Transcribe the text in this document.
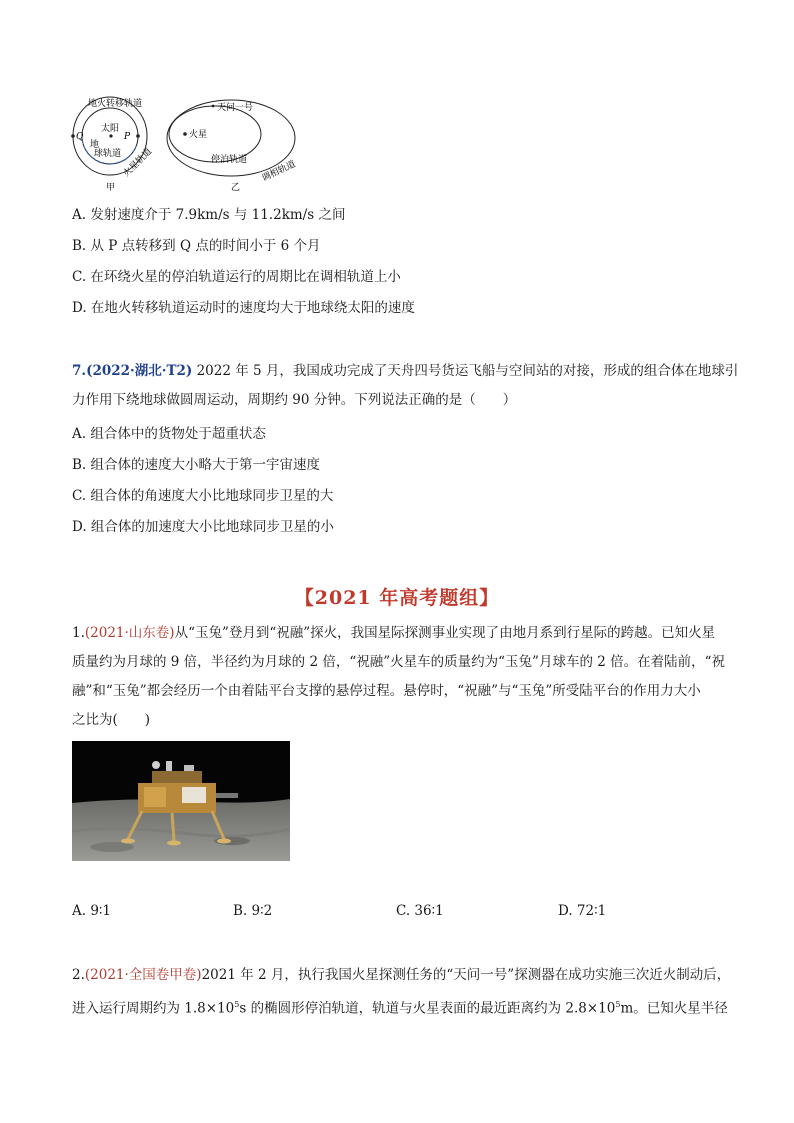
地火转移轨道
太阳
P
Q
地
球轨道 火星轨道
甲
天问一号
火星
停泊轨道 调相轨道
乙
A. 发射速度介于 7.9km/s 与 11.2km/s 之间
B. 从 P 点转移到 Q 点的时间小于 6 个月
C. 在环绕火星的停泊轨道运行的周期比在调相轨道上小
D. 在地火转移轨道运动时的速度均大于地球绕太阳的速度
7.(2022·湖北·T2) 2022 年 5 月，我国成功完成了天舟四号货运飞船与空间站的对接，形成的组合体在地球引
力作用下绕地球做圆周运动，周期约 90 分钟。下列说法正确的是（　　）
A. 组合体中的货物处于超重状态
B. 组合体的速度大小略大于第一宇宙速度
C. 组合体的角速度大小比地球同步卫星的大
D. 组合体的加速度大小比地球同步卫星的小
【2021 年高考题组】
1.(2021·山东卷)从“玉兔”登月到“祝融”探火，我国星际探测事业实现了由地月系到行星际的跨越。已知火星
质量约为月球的 9 倍，半径约为月球的 2 倍，“祝融”火星车的质量约为“玉兔”月球车的 2 倍。在着陆前，“祝
融”和“玉兔”都会经历一个由着陆平台支撑的悬停过程。悬停时，“祝融”与“玉兔”所受陆平台的作用力大小
之比为(　　)
A. 9∶1	B. 9∶2	C. 36∶1	D. 72∶1
2.(2021·全国卷甲卷)2021 年 2 月，执行我国火星探测任务的“天问一号”探测器在成功实施三次近火制动后，
进入运行周期约为 $1.8\times 10^5s$ 的椭圆形停泊轨道，轨道与火星表面的最近距离约为 $2.8\times 10^5m$。已知火星半径
